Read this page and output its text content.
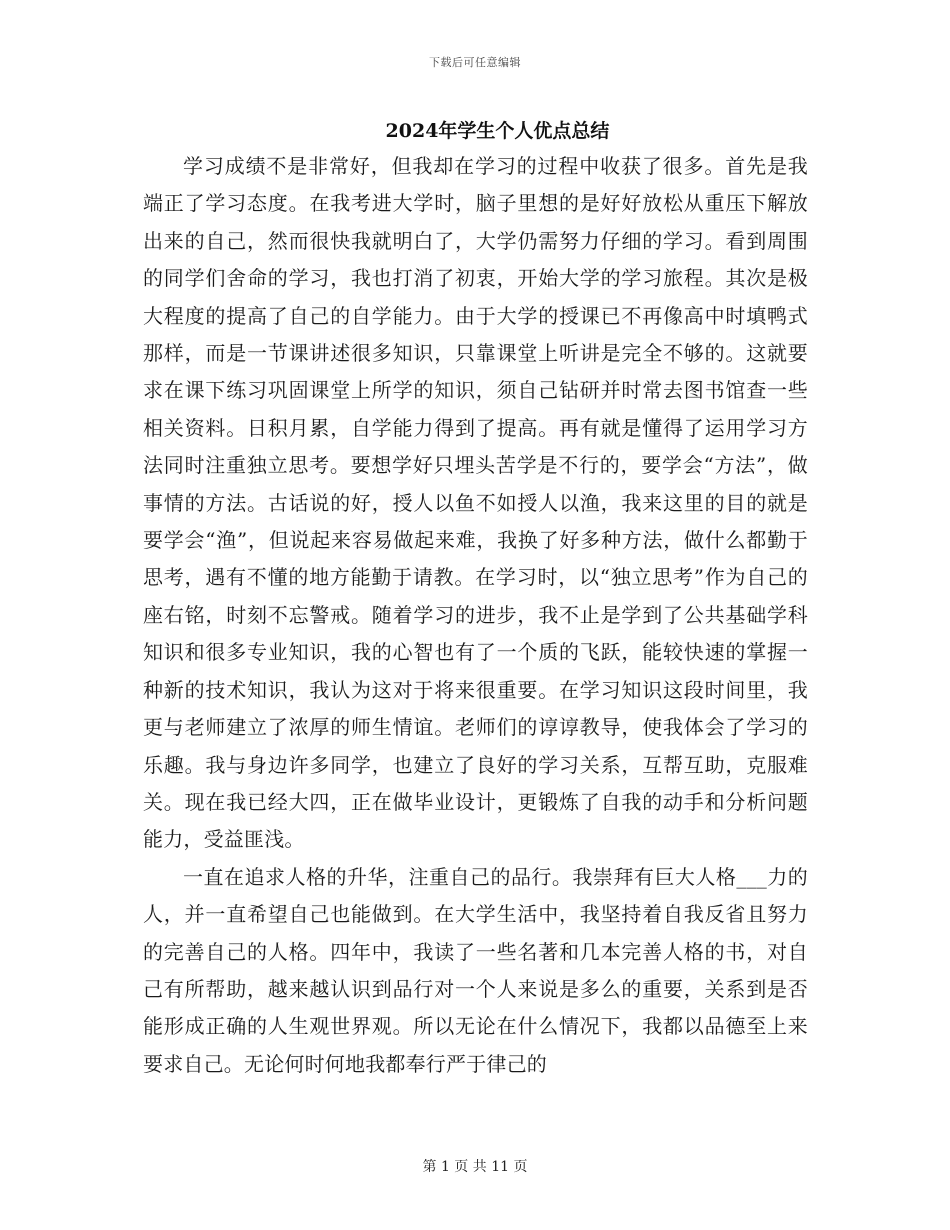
下载后可任意编辑
2024年学生个人优点总结

学习成绩不是非常好，但我却在学习的过程中收获了很多。首先是我端正了学习态度。在我考进大学时，脑子里想的是好好放松从重压下解放出来的自己，然而很快我就明白了，大学仍需努力仔细的学习。看到周围的同学们舍命的学习，我也打消了初衷，开始大学的学习旅程。其次是极大程度的提高了自己的自学能力。由于大学的授课已不再像高中时填鸭式那样，而是一节课讲述很多知识，只靠课堂上听讲是完全不够的。这就要求在课下练习巩固课堂上所学的知识，须自己钻研并时常去图书馆查一些相关资料。日积月累，自学能力得到了提高。再有就是懂得了运用学习方法同时注重独立思考。要想学好只埋头苦学是不行的，要学会“方法”，做事情的方法。古话说的好，授人以鱼不如授人以渔，我来这里的目的就是要学会“渔”，但说起来容易做起来难，我换了好多种方法，做什么都勤于思考，遇有不懂的地方能勤于请教。在学习时，以“独立思考”作为自己的座右铭，时刻不忘警戒。随着学习的进步，我不止是学到了公共基础学科知识和很多专业知识，我的心智也有了一个质的飞跃，能较快速的掌握一种新的技术知识，我认为这对于将来很重要。在学习知识这段时间里，我更与老师建立了浓厚的师生情谊。老师们的谆谆教导，使我体会了学习的乐趣。我与身边许多同学，也建立了良好的学习关系，互帮互助，克服难关。现在我已经大四，正在做毕业设计，更锻炼了自我的动手和分析问题能力，受益匪浅。

一直在追求人格的升华，注重自己的品行。我崇拜有巨大人格___力的人，并一直希望自己也能做到。在大学生活中，我坚持着自我反省且努力的完善自己的人格。四年中，我读了一些名著和几本完善人格的书，对自己有所帮助，越来越认识到品行对一个人来说是多么的重要，关系到是否能形成正确的人生观世界观。所以无论在什么情况下，我都以品德至上来要求自己。无论何时何地我都奉行严于律己的

第 1 页 共 11 页
